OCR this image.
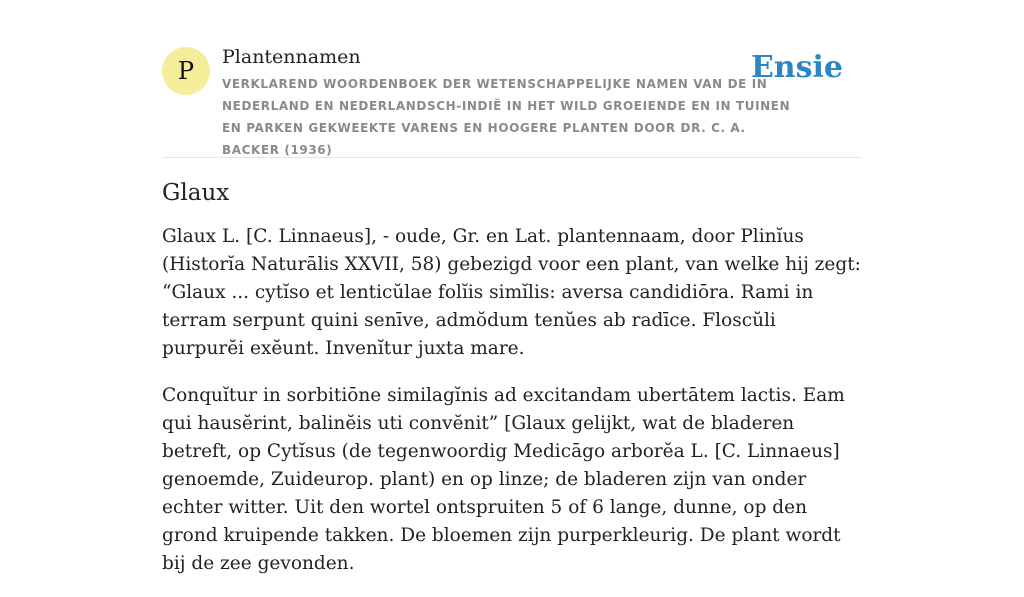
P	Plantennamen
VERKLAREND WOORDENBOEK DER WETENSCHAPPELIJKE NAMEN VAN DE IN NEDERLAND EN NEDERLANDSCH-INDIË IN HET WILD GROEIENDE EN IN TUINEN EN PARKEN GEKWEEKTE VARENS EN HOOGERE PLANTEN DOOR DR. C. A. BACKER (1936)
Ensie
Glaux

Glaux L. [C. Linnaeus], - oude, Gr. en Lat. plantennaam, door Plinĭus (Historĭa Naturālis XXVII, 58) gebezigd voor een plant, van welke hij zegt: “Glaux ... cytĭso et lenticŭlae folĭis simĭlis: aversa candidiōra. Rami in terram serpunt quini senīve, admŏdum tenŭes ab radīce. Floscŭli purpurĕi exĕunt. Invenĭtur juxta mare.

Conquĭtur in sorbitiōne similagĭnis ad excitandam ubertātem lactis. Eam qui hausĕrint, balinĕis uti convĕnit” [Glaux gelijkt, wat de bladeren betreft, op Cytĭsus (de tegenwoordig Medicāgo arborĕa L. [C. Linnaeus] genoemde, Zuideurop. plant) en op linze; de bladeren zijn van onder echter witter. Uit den wortel ontspruiten 5 of 6 lange, dunne, op den grond kruipende takken. De bloemen zijn purperkleurig. De plant wordt bij de zee gevonden.
